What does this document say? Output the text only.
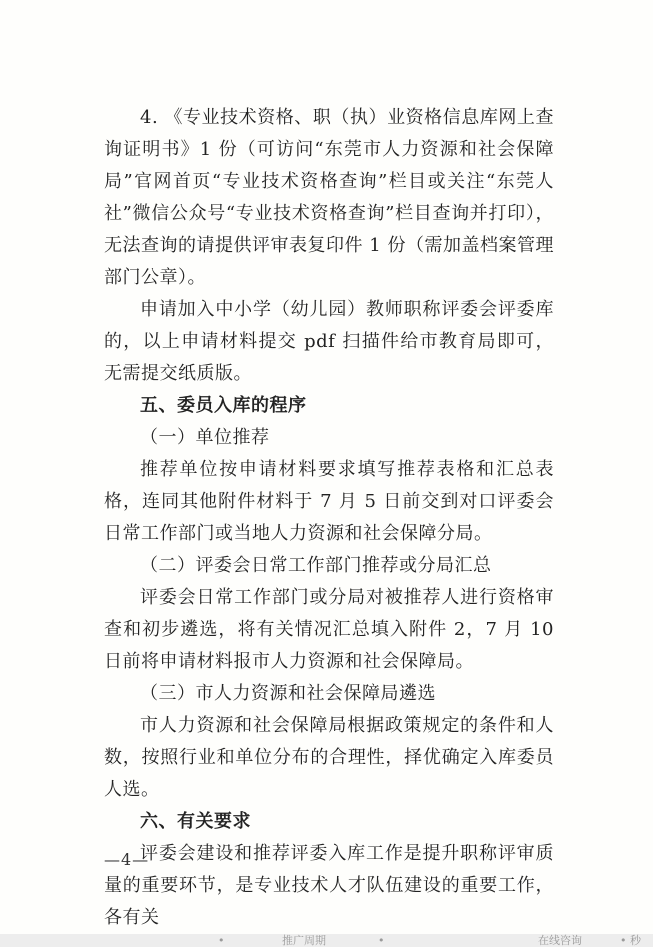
4. 《专业技术资格、职（执）业资格信息库网上查询证明书》1 份（可访问“东莞市人力资源和社会保障局”官网首页“专业技术资格查询”栏目或关注“东莞人社”微信公众号“专业技术资格查询”栏目查询并打印），无法查询的请提供评审表复印件 1 份（需加盖档案管理部门公章）。

申请加入中小学（幼儿园）教师职称评委会评委库的，以上申请材料提交 pdf 扫描件给市教育局即可，无需提交纸质版。

五、委员入库的程序

（一）单位推荐

推荐单位按申请材料要求填写推荐表格和汇总表格，连同其他附件材料于 7 月 5 日前交到对口评委会日常工作部门或当地人力资源和社会保障分局。

（二）评委会日常工作部门推荐或分局汇总

评委会日常工作部门或分局对被推荐人进行资格审查和初步遴选，将有关情况汇总填入附件 2，7 月 10 日前将申请材料报市人力资源和社会保障局。

（三）市人力资源和社会保障局遴选

市人力资源和社会保障局根据政策规定的条件和人数，按照行业和单位分布的合理性，择优确定入库委员人选。

六、有关要求

评委会建设和推荐评委入库工作是提升职称评审质量的重要环节，是专业技术人才队伍建设的重要工作，各有关

—4—
•	推广周期	•	在线咨询	• 秒
